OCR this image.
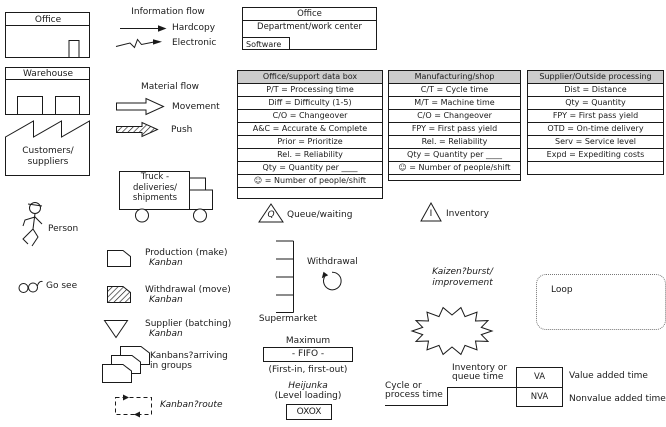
Office
Warehouse
Customers/
suppliers
Information flow
Hardcopy
Electronic
Material flow
Movement
Push
Office
Department/work center
Software
Office/support data box
P/T = Processing time
Diff = Difficulty (1-5)
C/O = Changeover
A&C = Accurate & Complete
Prior = Prioritize
Rel. = Reliability
Qty = Quantity per ____
☺ = Number of people/shift
Manufacturing/shop
C/T = Cycle time
M/T = Machine time
C/O = Changeover
FPY = First pass yield
Rel. = Reliability
Qty = Quantity per ____
☺ = Number of people/shift
Supplier/Outside processing
Dist = Distance
Qty = Quantity
FPY = First pass yield
OTD = On-time delivery
Serv = Service level
Expd = Expediting costs
Truck -
deliveries/
shipments
Person
Go see
Production (make)
Kanban
Withdrawal (move)
Kanban
Supplier (batching)
Kanban
Kanbans?arriving
in groups
Kanban?route
Q	Queue/waiting	I	Inventory
Supermarket
Withdrawal
Maximum
- FIFO -
(First-in, first-out)
Heijunka
(Level loading)
OXOX
Kaizen?burst/
improvement
Loop
Cycle or
process time
Inventory or
queue time	VA
NVA
Value added time
Nonvalue added time
